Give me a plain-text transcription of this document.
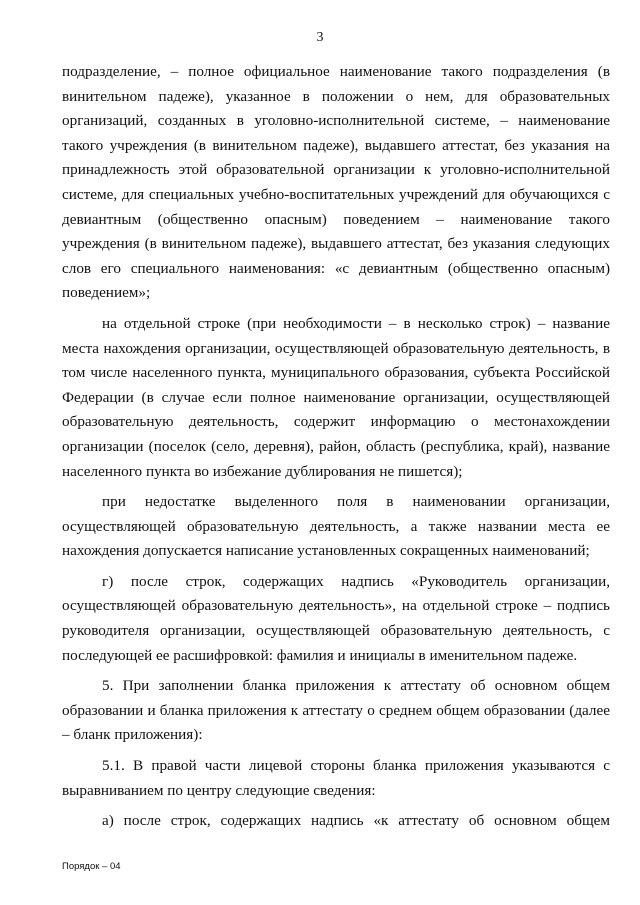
3

подразделение, – полное официальное наименование такого подразделения (в винительном падеже), указанное в положении о нем, для образовательных организаций, созданных в уголовно-исполнительной системе, – наименование такого учреждения (в винительном падеже), выдавшего аттестат, без указания на принадлежность этой образовательной организации к уголовно-исполнительной системе, для специальных учебно-воспитательных учреждений для обучающихся с девиантным (общественно опасным) поведением – наименование такого учреждения (в винительном падеже), выдавшего аттестат, без указания следующих слов его специального наименования: «с девиантным (общественно опасным) поведением»;

на отдельной строке (при необходимости – в несколько строк) – название места нахождения организации, осуществляющей образовательную деятельность, в том числе населенного пункта, муниципального образования, субъекта Российской Федерации (в случае если полное наименование организации, осуществляющей образовательную деятельность, содержит информацию о местонахождении организации (поселок (село, деревня), район, область (республика, край), название населенного пункта во избежание дублирования не пишется);

при недостатке выделенного поля в наименовании организации, осуществляющей образовательную деятельность, а также названии места ее нахождения допускается написание установленных сокращенных наименований;

г) после строк, содержащих надпись «Руководитель организации, осуществляющей образовательную деятельность», на отдельной строке – подпись руководителя организации, осуществляющей образовательную деятельность, с последующей ее расшифровкой: фамилия и инициалы в именительном падеже.

5. При заполнении бланка приложения к аттестату об основном общем образовании и бланка приложения к аттестату о среднем общем образовании (далее – бланк приложения):

5.1. В правой части лицевой стороны бланка приложения указываются с выравниванием по центру следующие сведения:

а) после строк, содержащих надпись «к аттестату об основном общем

Порядок – 04
